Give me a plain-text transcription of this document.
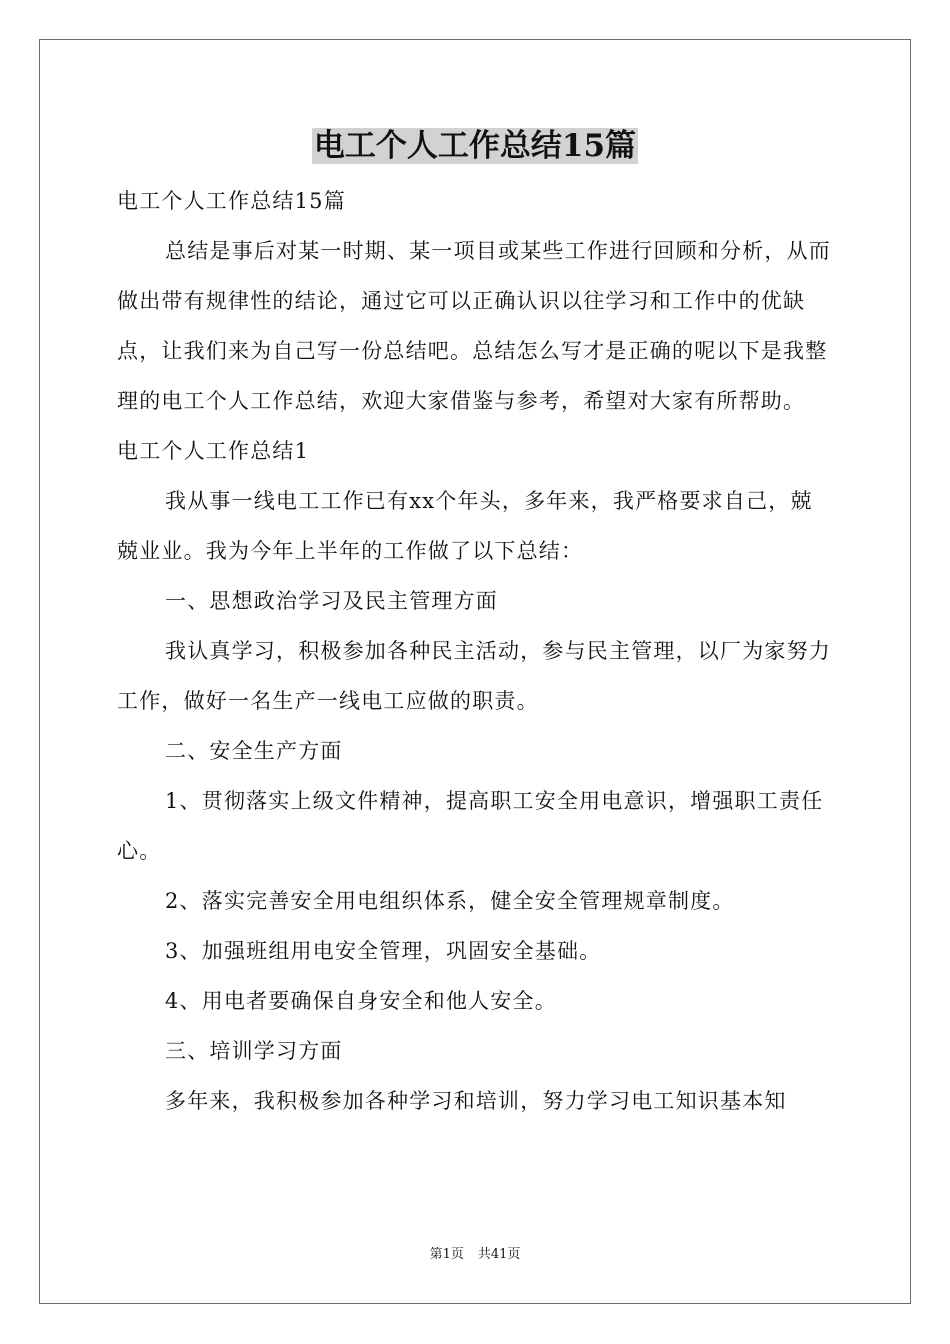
电工个人工作总结15篇

电工个人工作总结15篇

总结是事后对某一时期、某一项目或某些工作进行回顾和分析，从而做出带有规律性的结论，通过它可以正确认识以往学习和工作中的优缺点，让我们来为自己写一份总结吧。总结怎么写才是正确的呢以下是我整理的电工个人工作总结，欢迎大家借鉴与参考，希望对大家有所帮助。

电工个人工作总结1

我从事一线电工工作已有xx个年头，多年来，我严格要求自己，兢兢业业。我为今年上半年的工作做了以下总结：

一、思想政治学习及民主管理方面

我认真学习，积极参加各种民主活动，参与民主管理，以厂为家努力工作，做好一名生产一线电工应做的职责。

二、安全生产方面

1、贯彻落实上级文件精神，提高职工安全用电意识，增强职工责任心。

2、落实完善安全用电组织体系，健全安全管理规章制度。

3、加强班组用电安全管理，巩固安全基础。

4、用电者要确保自身安全和他人安全。

三、培训学习方面

多年来，我积极参加各种学习和培训，努力学习电工知识基本知

第1页 共41页
